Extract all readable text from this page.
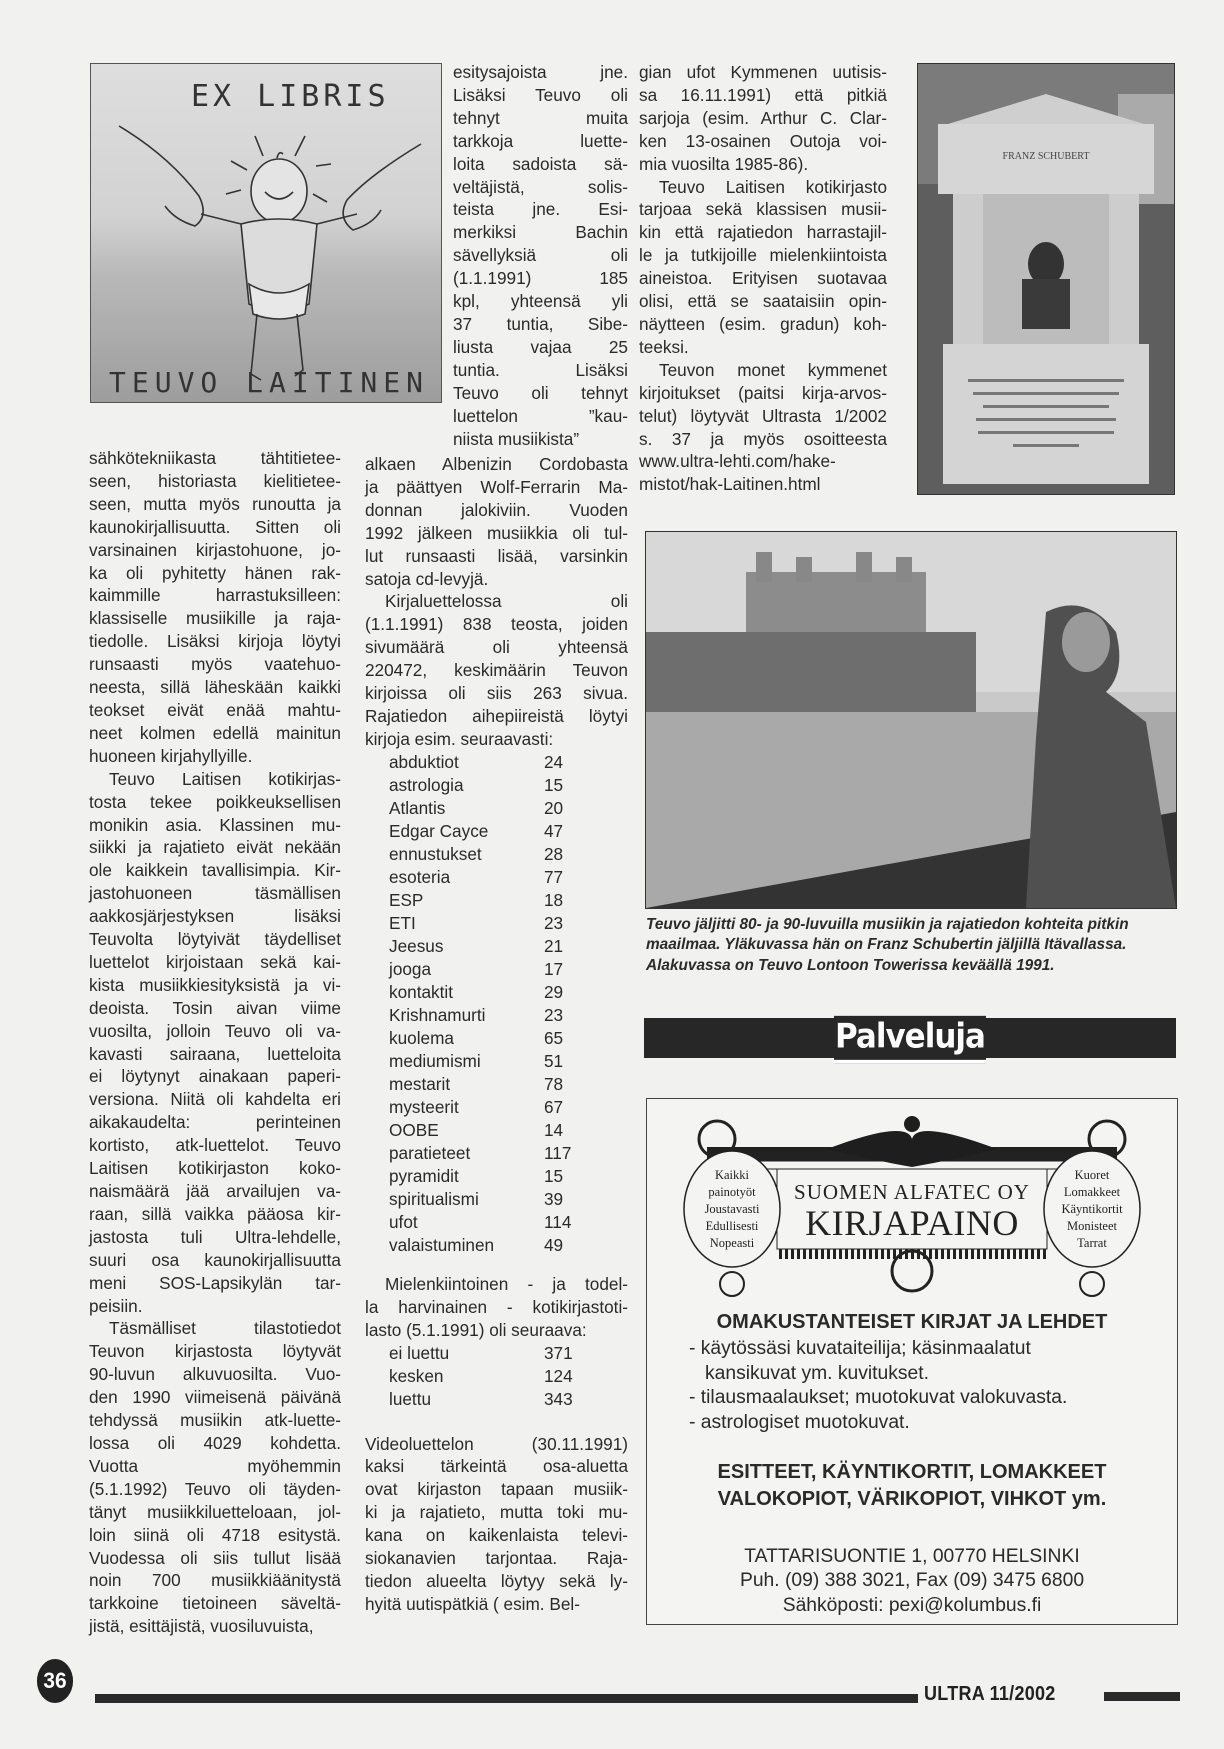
EX LIBRIS
TEUVO LAITINEN
sähkötekniikasta tähtitietee-
seen, historiasta kielitietee-
seen, mutta myös runoutta ja
kaunokirjallisuutta. Sitten oli
varsinainen kirjastohuone, jo-
ka oli pyhitetty hänen rak-
kaimmille harrastuksilleen:
klassiselle musiikille ja raja-
tiedolle. Lisäksi kirjoja löytyi
runsaasti myös vaatehuo-
neesta, sillä läheskään kaikki
teokset eivät enää mahtu-
neet kolmen edellä mainitun
huoneen kirjahyllyille.
Teuvo Laitisen kotikirjas-
tosta tekee poikkeuksellisen
monikin asia. Klassinen mu-
siikki ja rajatieto eivät nekään
ole kaikkein tavallisimpia. Kir-
jastohuoneen täsmällisen
aakkosjärjestyksen lisäksi
Teuvolta löytyivät täydelliset
luettelot kirjoistaan sekä kai-
kista musiikkiesityksistä ja vi-
deoista. Tosin aivan viime
vuosilta, jolloin Teuvo oli va-
kavasti sairaana, luetteloita
ei löytynyt ainakaan paperi-
versiona. Niitä oli kahdelta eri
aikakaudelta: perinteinen
kortisto, atk-luettelot. Teuvo
Laitisen kotikirjaston koko-
naismäärä jää arvailujen va-
raan, sillä vaikka pääosa kir-
jastosta tuli Ultra-lehdelle,
suuri osa kaunokirjallisuutta
meni SOS-Lapsikylän tar-
peisiin.
Täsmälliset tilastotiedot
Teuvon kirjastosta löytyvät
90-luvun alkuvuosilta. Vuo-
den 1990 viimeisenä päivänä
tehdyssä musiikin atk-luette-
lossa oli 4029 kohdetta.
Vuotta myöhemmin
(5.1.1992) Teuvo oli täyden-
tänyt musiikkiluetteloaan, jol-
loin siinä oli 4718 esitystä.
Vuodessa oli siis tullut lisää
noin 700 musiikkiäänitystä
tarkkoine tietoineen säveltä-
jistä, esittäjistä, vuosiluvuista,
esitysajoista jne.
Lisäksi Teuvo oli
tehnyt muita
tarkkoja luette-
loita sadoista sä-
veltäjistä, solis-
teista jne. Esi-
merkiksi Bachin
sävellyksiä oli
(1.1.1991) 185
kpl, yhteensä yli
37 tuntia, Sibe-
liusta vajaa 25
tuntia. Lisäksi
Teuvo oli tehnyt
luettelon ”kau-
niista musiikista”
alkaen Albenizin Cordobasta
ja päättyen Wolf-Ferrarin Ma-
donnan jalokiviin. Vuoden
1992 jälkeen musiikkia oli tul-
lut runsaasti lisää, varsinkin
satoja cd-levyjä.
Kirjaluettelossa oli
(1.1.1991) 838 teosta, joiden
sivumäärä oli yhteensä
220472, keskimäärin Teuvon
kirjoissa oli siis 263 sivua.
Rajatiedon aihepiireistä löytyi
kirjoja esim. seuraavasti:
abduktiot	24
astrologia	15
Atlantis	20
Edgar Cayce	47
ennustukset	28
esoteria	77
ESP	18
ETI	23
Jeesus	21
jooga	17
kontaktit	29
Krishnamurti	23
kuolema	65
mediumismi	51
mestarit	78
mysteerit	67
OOBE	14
paratieteet	117
pyramidit	15
spiritualismi	39
ufot	114
valaistuminen	49
Mielenkiintoinen - ja todel-
la harvinainen - kotikirjastoti-
lasto (5.1.1991) oli seuraava:
ei luettu	371
kesken	124
luettu	343
Videoluettelon (30.11.1991)
kaksi tärkeintä osa-aluetta
ovat kirjaston tapaan musiik-
ki ja rajatieto, mutta toki mu-
kana on kaikenlaista televi-
siokanavien tarjontaa. Raja-
tiedon alueelta löytyy sekä ly-
hyitä uutispätkiä ( esim. Bel-
gian ufot Kymmenen uutisis-
sa 16.11.1991) että pitkiä
sarjoja (esim. Arthur C. Clar-
ken 13-osainen Outoja voi-
mia vuosilta 1985-86).
Teuvo Laitisen kotikirjasto
tarjoaa sekä klassisen musii-
kin että rajatiedon harrastajil-
le ja tutkijoille mielenkiintoista
aineistoa. Erityisen suotavaa
olisi, että se saataisiin opin-
näytteen (esim. gradun) koh-
teeksi.
Teuvon monet kymmenet
kirjoitukset (paitsi kirja-arvos-
telut) löytyvät Ultrasta 1/2002
s. 37 ja myös osoitteesta
www.ultra-lehti.com/hake-
mistot/hak-Laitinen.html
FRANZ SCHUBERT
Teuvo jäljitti 80- ja 90-luvuilla musiikin ja rajatiedon kohteita pitkin maailmaa. Yläkuvassa hän on Franz Schubertin jäljillä Itävallassa. Alakuvassa on Teuvo Lontoon Towerissa keväällä 1991.
Palveluja
SUOMEN ALFATEC OY
KIRJAPAINO
Kaikki
painotyöt
Joustavasti
Edullisesti
Nopeasti
Kuoret
Lomakkeet
Käyntikortit
Monisteet
Tarrat
OMAKUSTANTEISET KIRJAT JA LEHDET
- käytössäsi kuvataiteilija; käsinmaalatut
kansikuvat ym. kuvitukset.
- tilausmaalaukset; muotokuvat valokuvasta.
- astrologiset muotokuvat.
ESITTEET, KÄYNTIKORTIT, LOMAKKEET
VALOKOPIOT, VÄRIKOPIOT, VIHKOT ym.
TATTARISUONTIE 1, 00770 HELSINKI
Puh. (09) 388 3021, Fax (09) 3475 6800
Sähköposti: pexi@kolumbus.fi
36
ULTRA 11/2002
